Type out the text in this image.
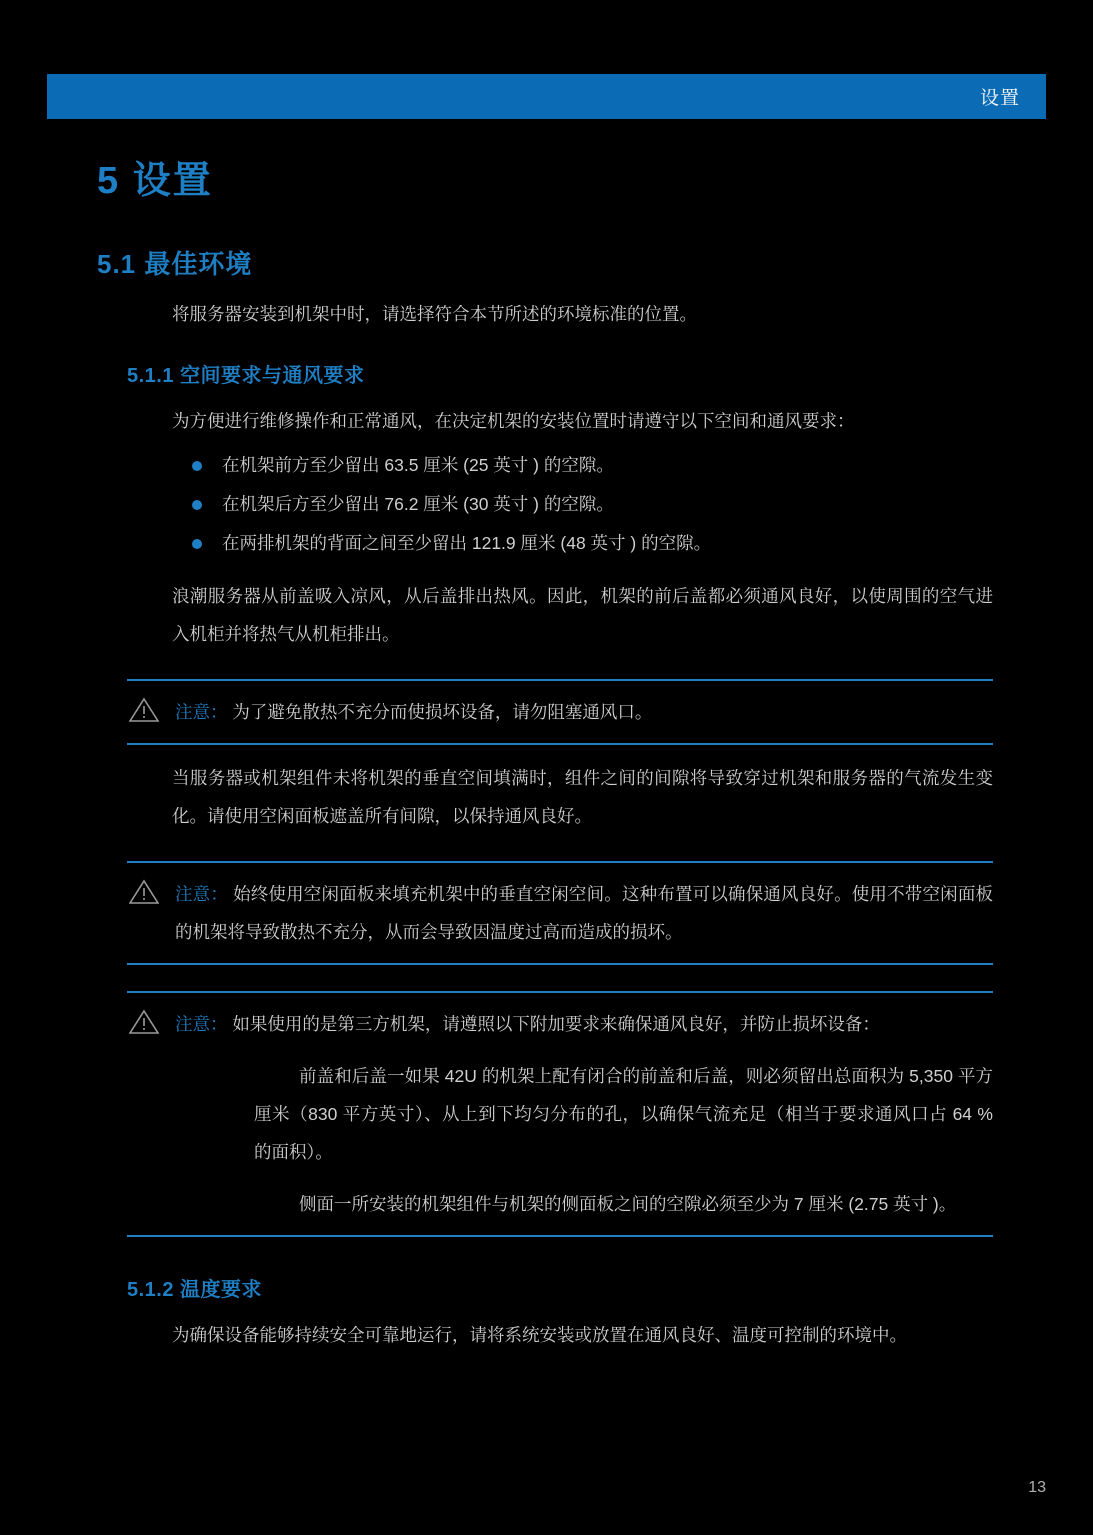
设置
5 设置
5.1 最佳环境

将服务器安装到机架中时，请选择符合本节所述的环境标准的位置。

5.1.1 空间要求与通风要求

为方便进行维修操作和正常通风，在决定机架的安装位置时请遵守以下空间和通风要求：

在机架前方至少留出 63.5 厘米 (25 英寸 ) 的空隙。
在机架后方至少留出 76.2 厘米 (30 英寸 ) 的空隙。
在两排机架的背面之间至少留出 121.9 厘米 (48 英寸 ) 的空隙。

浪潮服务器从前盖吸入凉风，从后盖排出热风。因此，机架的前后盖都必须通风良好，以使周围的空气进入机柜并将热气从机柜排出。

注意： 为了避免散热不充分而使损坏设备，请勿阻塞通风口。

当服务器或机架组件未将机架的垂直空间填满时，组件之间的间隙将导致穿过机架和服务器的气流发生变化。请使用空闲面板遮盖所有间隙，以保持通风良好。

注意： 始终使用空闲面板来填充机架中的垂直空闲空间。这种布置可以确保通风良好。使用不带空闲面板的机架将导致散热不充分，从而会导致因温度过高而造成的损坏。
注意： 如果使用的是第三方机架，请遵照以下附加要求来确保通风良好，并防止损坏设备：

前盖和后盖一如果 42U 的机架上配有闭合的前盖和后盖，则必须留出总面积为 5,350 平方厘米（830 平方英寸）、从上到下均匀分布的孔，以确保气流充足（相当于要求通风口占 64 % 的面积）。

侧面一所安装的机架组件与机架的侧面板之间的空隙必须至少为 7 厘米 (2.75 英寸 )。

5.1.2 温度要求

为确保设备能够持续安全可靠地运行，请将系统安装或放置在通风良好、温度可控制的环境中。

13
